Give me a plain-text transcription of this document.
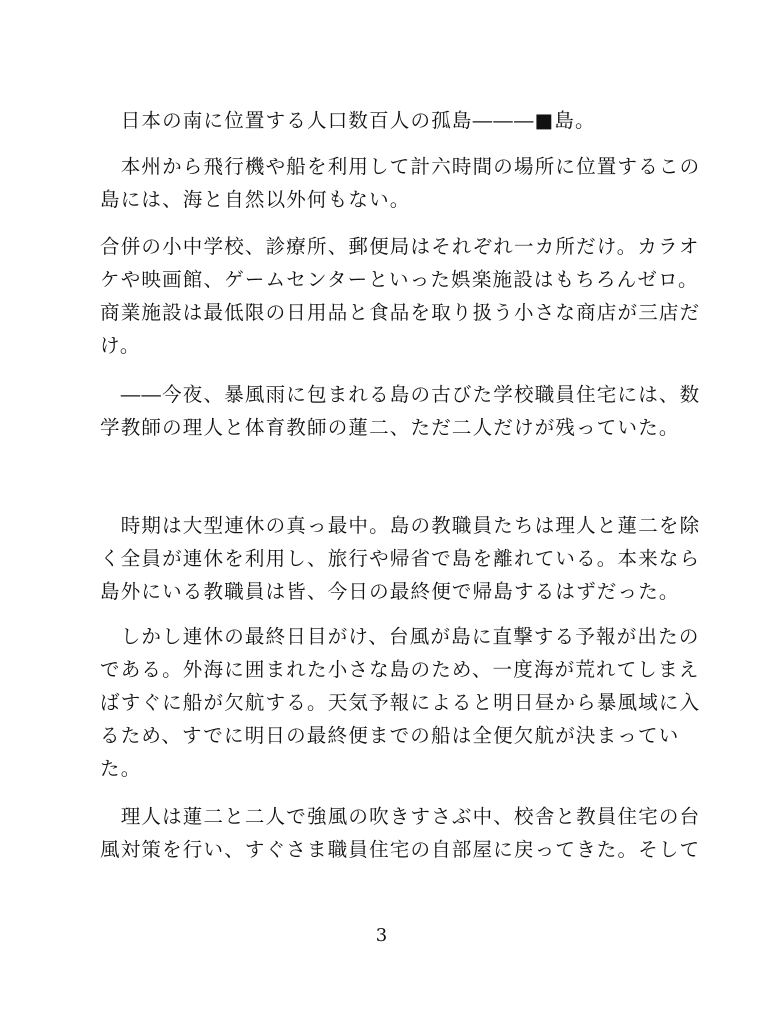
　日本の南に位置する人口数百人の孤島―――■島。
　本州から飛行機や船を利用して計六時間の場所に位置するこの
島には、海と自然以外何もない。
合併の小中学校、診療所、郵便局はそれぞれ一カ所だけ。カラオ
ケや映画館、ゲームセンターといった娯楽施設はもちろんゼロ。
商業施設は最低限の日用品と食品を取り扱う小さな商店が三店だ
け。
　――今夜、暴風雨に包まれる島の古びた学校職員住宅には、数
学教師の理人と体育教師の蓮二、ただ二人だけが残っていた。
　時期は大型連休の真っ最中。島の教職員たちは理人と蓮二を除
く全員が連休を利用し、旅行や帰省で島を離れている。本来なら
島外にいる教職員は皆、今日の最終便で帰島するはずだった。
　しかし連休の最終日目がけ、台風が島に直撃する予報が出たの
である。外海に囲まれた小さな島のため、一度海が荒れてしまえ
ばすぐに船が欠航する。天気予報によると明日昼から暴風域に入
るため、すでに明日の最終便までの船は全便欠航が決まってい
た。
　理人は蓮二と二人で強風の吹きすさぶ中、校舎と教員住宅の台
風対策を行い、すぐさま職員住宅の自部屋に戻ってきた。そして
3
